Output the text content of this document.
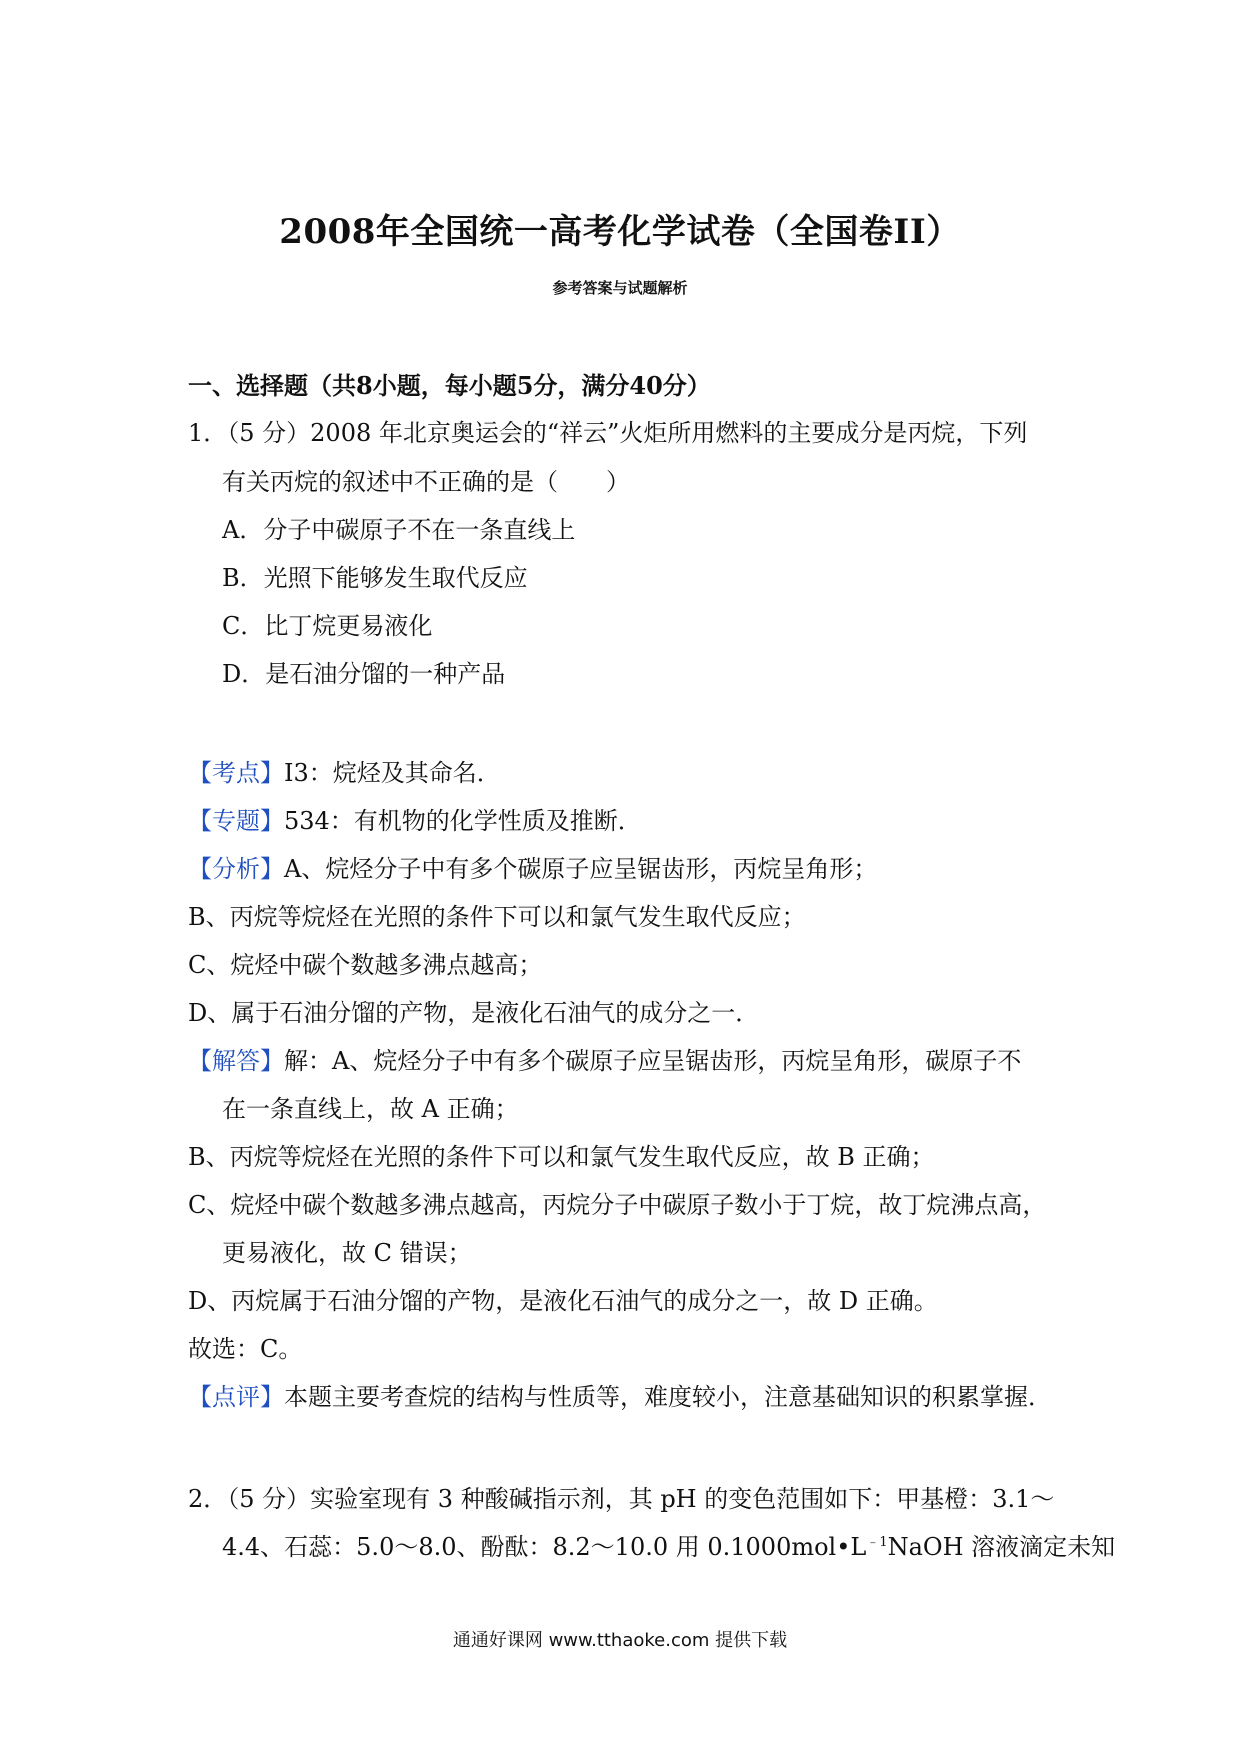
2008年全国统一高考化学试卷（全国卷II）
参考答案与试题解析
一、选择题（共8小题，每小题5分，满分40分）
1．（5 分）2008 年北京奥运会的“祥云”火炬所用燃料的主要成分是丙烷，下列
有关丙烷的叙述中不正确的是（　　）
A．分子中碳原子不在一条直线上
B．光照下能够发生取代反应
C．比丁烷更易液化
D．是石油分馏的一种产品
【考点】I3：烷烃及其命名．
【专题】534：有机物的化学性质及推断．
【分析】A、烷烃分子中有多个碳原子应呈锯齿形，丙烷呈角形；
B、丙烷等烷烃在光照的条件下可以和氯气发生取代反应；
C、烷烃中碳个数越多沸点越高；
D、属于石油分馏的产物，是液化石油气的成分之一．
【解答】解：A、烷烃分子中有多个碳原子应呈锯齿形，丙烷呈角形，碳原子不
在一条直线上，故 A 正确；
B、丙烷等烷烃在光照的条件下可以和氯气发生取代反应，故 B 正确；
C、烷烃中碳个数越多沸点越高，丙烷分子中碳原子数小于丁烷，故丁烷沸点高，
更易液化，故 C 错误；
D、丙烷属于石油分馏的产物，是液化石油气的成分之一，故 D 正确。
故选：C。
【点评】本题主要考查烷的结构与性质等，难度较小，注意基础知识的积累掌握．
2．（5 分）实验室现有 3 种酸碱指示剂，其 pH 的变色范围如下：甲基橙：3.1～
4.4、石蕊：5.0～8.0、酚酞：8.2～10.0 用 $0.1000mol•L^{﹣1}NaOH$ 溶液滴定未知
通通好课网 www.tthaoke.com 提供下载
